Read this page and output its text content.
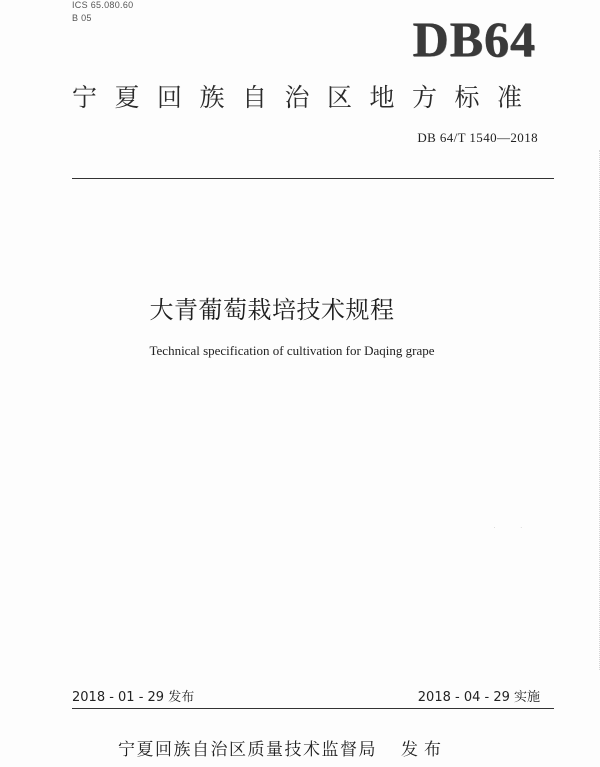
ICS 65.080.60
B 05	DB64
宁夏回族自治区地方标准
DB 64/T 1540—2018
大青葡萄栽培技术规程
Technical specification of cultivation for Daqing grape
· ·
2018 - 01 - 29 发布	2018 - 04 - 29 实施
宁夏回族自治区质量技术监督局 发布
